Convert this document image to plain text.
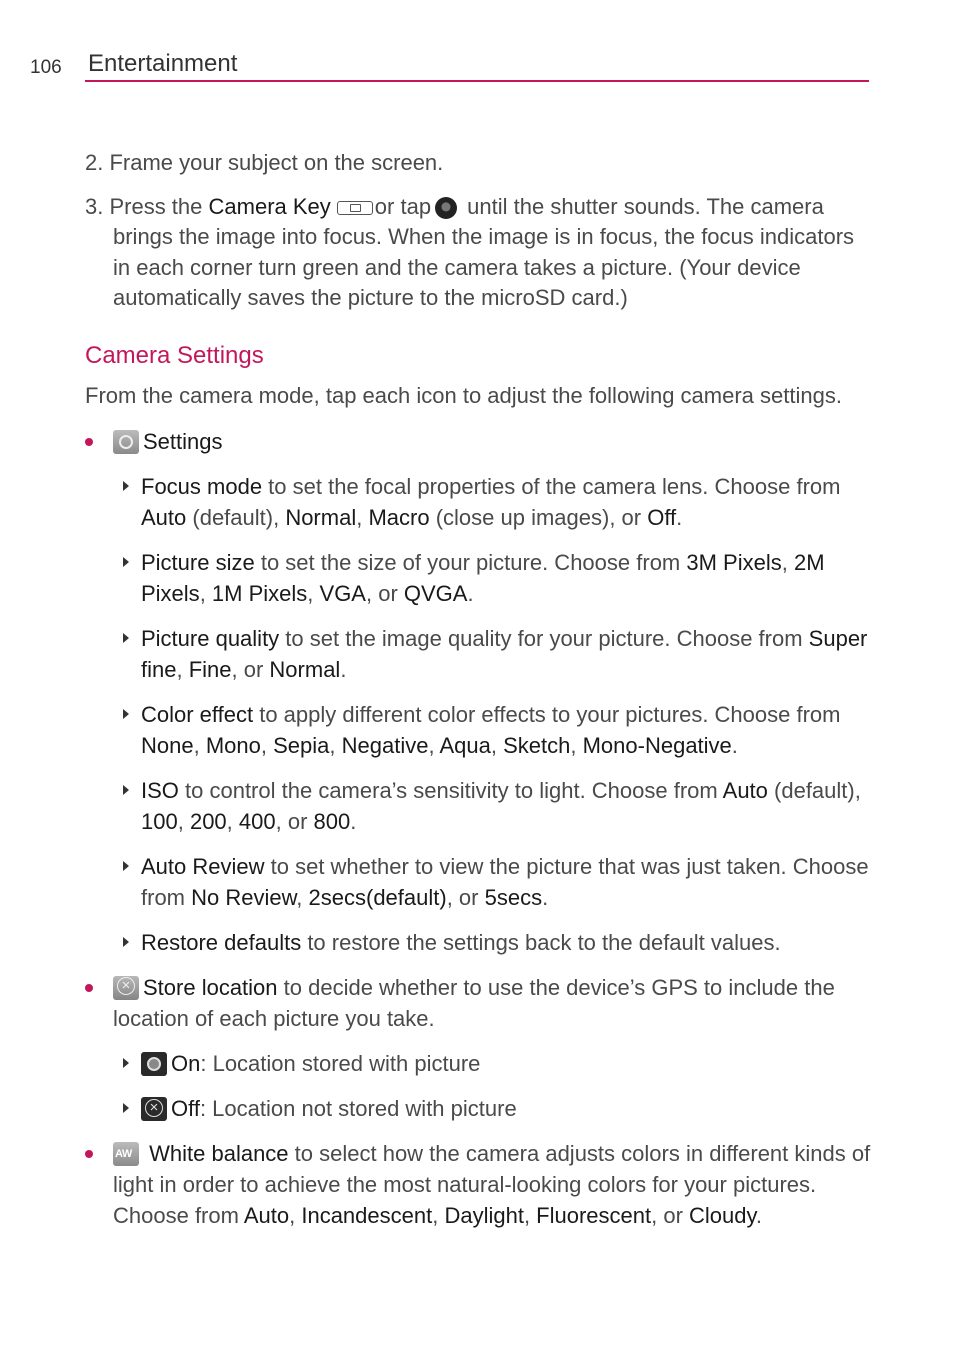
106 Entertainment

2. Frame your subject on the screen.

3. Press the Camera Key or tap until the shutter sounds. The camera brings the image into focus. When the image is in focus, the focus indicators in each corner turn green and the camera takes a picture. (Your device automatically saves the picture to the microSD card.)

Camera Settings

From the camera mode, tap each icon to adjust the following camera settings.

Settings
Focus mode to set the focal properties of the camera lens. Choose from Auto (default), Normal, Macro (close up images), or Off.
Picture size to set the size of your picture. Choose from 3M Pixels, 2M Pixels, 1M Pixels, VGA, or QVGA.
Picture quality to set the image quality for your picture. Choose from Super fine, Fine, or Normal.
Color effect to apply different color effects to your pictures. Choose from None, Mono, Sepia, Negative, Aqua, Sketch, Mono-Negative.
ISO to control the camera’s sensitivity to light. Choose from Auto (default), 100, 200, 400, or 800.
Auto Review to set whether to view the picture that was just taken. Choose from No Review, 2secs(default), or 5secs.
Restore defaults to restore the settings back to the default values.
×Store location to decide whether to use the device’s GPS to include the location of each picture you take.
On: Location stored with picture
×Off: Location not stored with picture
AW White balance to select how the camera adjusts colors in different kinds of light in order to achieve the most natural-looking colors for your pictures. Choose from Auto, Incandescent, Daylight, Fluorescent, or Cloudy.
